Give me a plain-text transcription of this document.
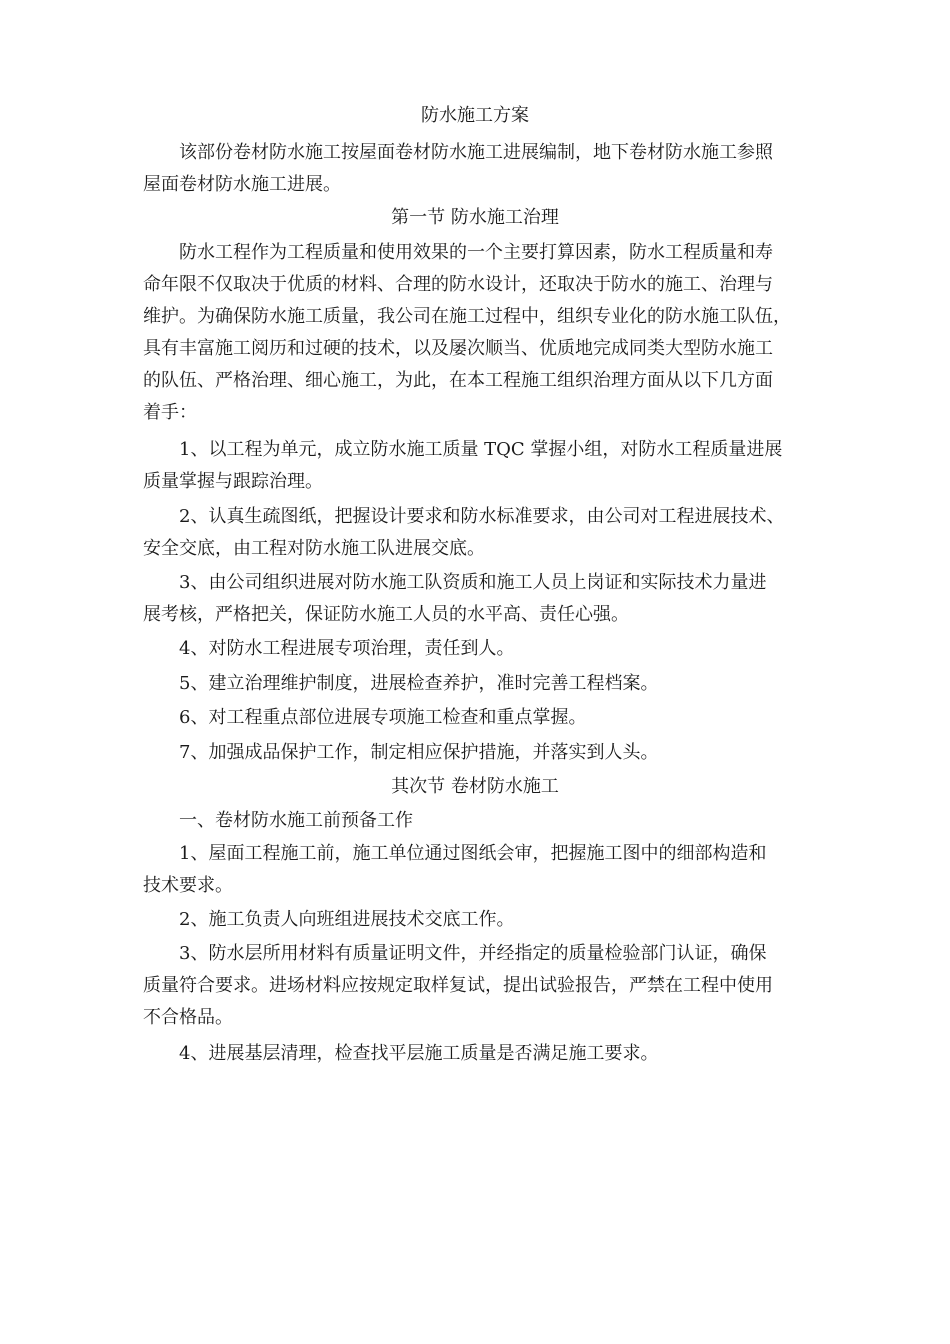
防水施工方案
该部份卷材防水施工按屋面卷材防水施工进展编制，地下卷材防水施工参照
屋面卷材防水施工进展。
第一节 防水施工治理
防水工程作为工程质量和使用效果的一个主要打算因素，防水工程质量和寿
命年限不仅取决于优质的材料、合理的防水设计，还取决于防水的施工、治理与
维护。为确保防水施工质量，我公司在施工过程中，组织专业化的防水施工队伍，
具有丰富施工阅历和过硬的技术，以及屡次顺当、优质地完成同类大型防水施工
的队伍、严格治理、细心施工，为此，在本工程施工组织治理方面从以下几方面
着手：
1、以工程为单元，成立防水施工质量 TQC 掌握小组，对防水工程质量进展
质量掌握与跟踪治理。
2、认真生疏图纸，把握设计要求和防水标准要求，由公司对工程进展技术、
安全交底，由工程对防水施工队进展交底。
3、由公司组织进展对防水施工队资质和施工人员上岗证和实际技术力量进
展考核，严格把关，保证防水施工人员的水平高、责任心强。
4、对防水工程进展专项治理，责任到人。
5、建立治理维护制度，进展检查养护，准时完善工程档案。
6、对工程重点部位进展专项施工检查和重点掌握。
7、加强成品保护工作，制定相应保护措施，并落实到人头。
其次节 卷材防水施工
一、卷材防水施工前预备工作
1、屋面工程施工前，施工单位通过图纸会审，把握施工图中的细部构造和
技术要求。
2、施工负责人向班组进展技术交底工作。
3、防水层所用材料有质量证明文件，并经指定的质量检验部门认证，确保
质量符合要求。进场材料应按规定取样复试，提出试验报告，严禁在工程中使用
不合格品。
4、进展基层清理，检查找平层施工质量是否满足施工要求。
